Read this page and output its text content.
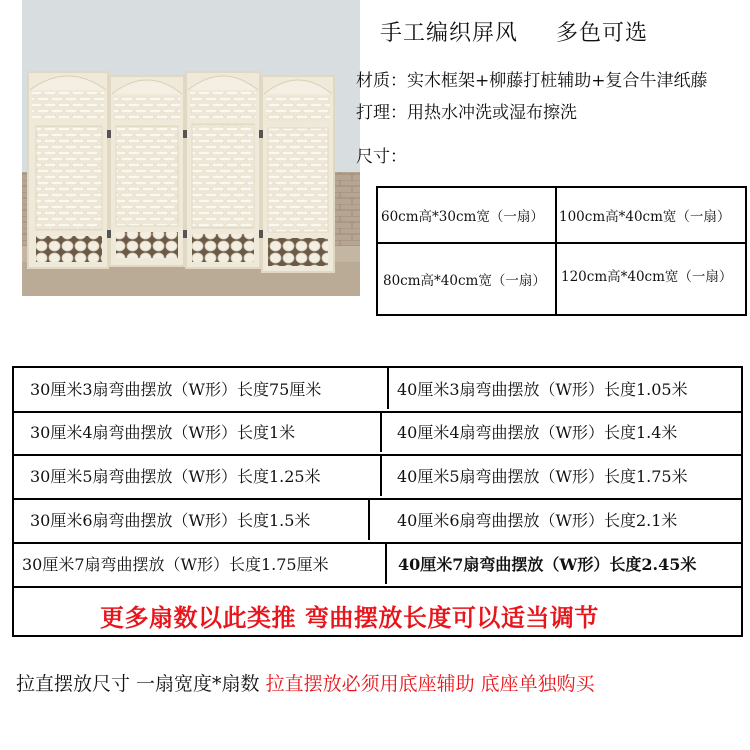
手工编织屏风 多色可选
材质：实木框架+柳藤打桩辅助+复合牛津纸藤
打理：用热水冲洗或湿布擦洗
尺寸：
60cm高*30cm宽（一扇） 100cm高*40cm宽（一扇）
80cm高*40cm宽（一扇） 120cm高*40cm宽（一扇）
30厘米3扇弯曲摆放（W形）长度75厘米	40厘米3扇弯曲摆放（W形）长度1.05米
30厘米4扇弯曲摆放（W形）长度1米	40厘米4扇弯曲摆放（W形）长度1.4米
30厘米5扇弯曲摆放（W形）长度1.25米	40厘米5扇弯曲摆放（W形）长度1.75米
30厘米6扇弯曲摆放（W形）长度1.5米	40厘米6扇弯曲摆放（W形）长度2.1米
30厘米7扇弯曲摆放（W形）长度1.75厘米	40厘米7扇弯曲摆放（W形）长度2.45米
更多扇数以此类推 弯曲摆放长度可以适当调节
拉直摆放尺寸 一扇宽度*扇数 拉直摆放必须用底座辅助 底座单独购买
